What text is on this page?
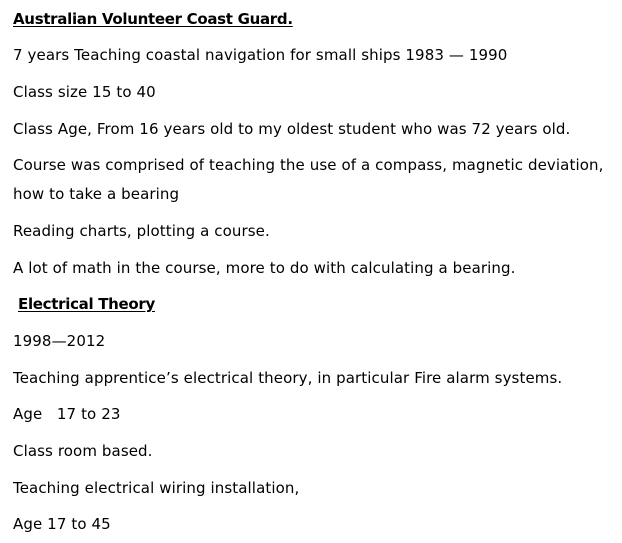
Australian Volunteer Coast Guard.
7 years Teaching coastal navigation for small ships 1983 — 1990
Class size 15 to 40
Class Age, From 16 years old to my oldest student who was 72 years old.
Course was comprised of teaching the use of a compass, magnetic deviation,
how to take a bearing
Reading charts, plotting a course.
A lot of math in the course, more to do with calculating a bearing.
Electrical Theory
1998—2012
Teaching apprentice’s electrical theory, in particular Fire alarm systems.
Age   17 to 23
Class room based.
Teaching electrical wiring installation,
Age 17 to 45
